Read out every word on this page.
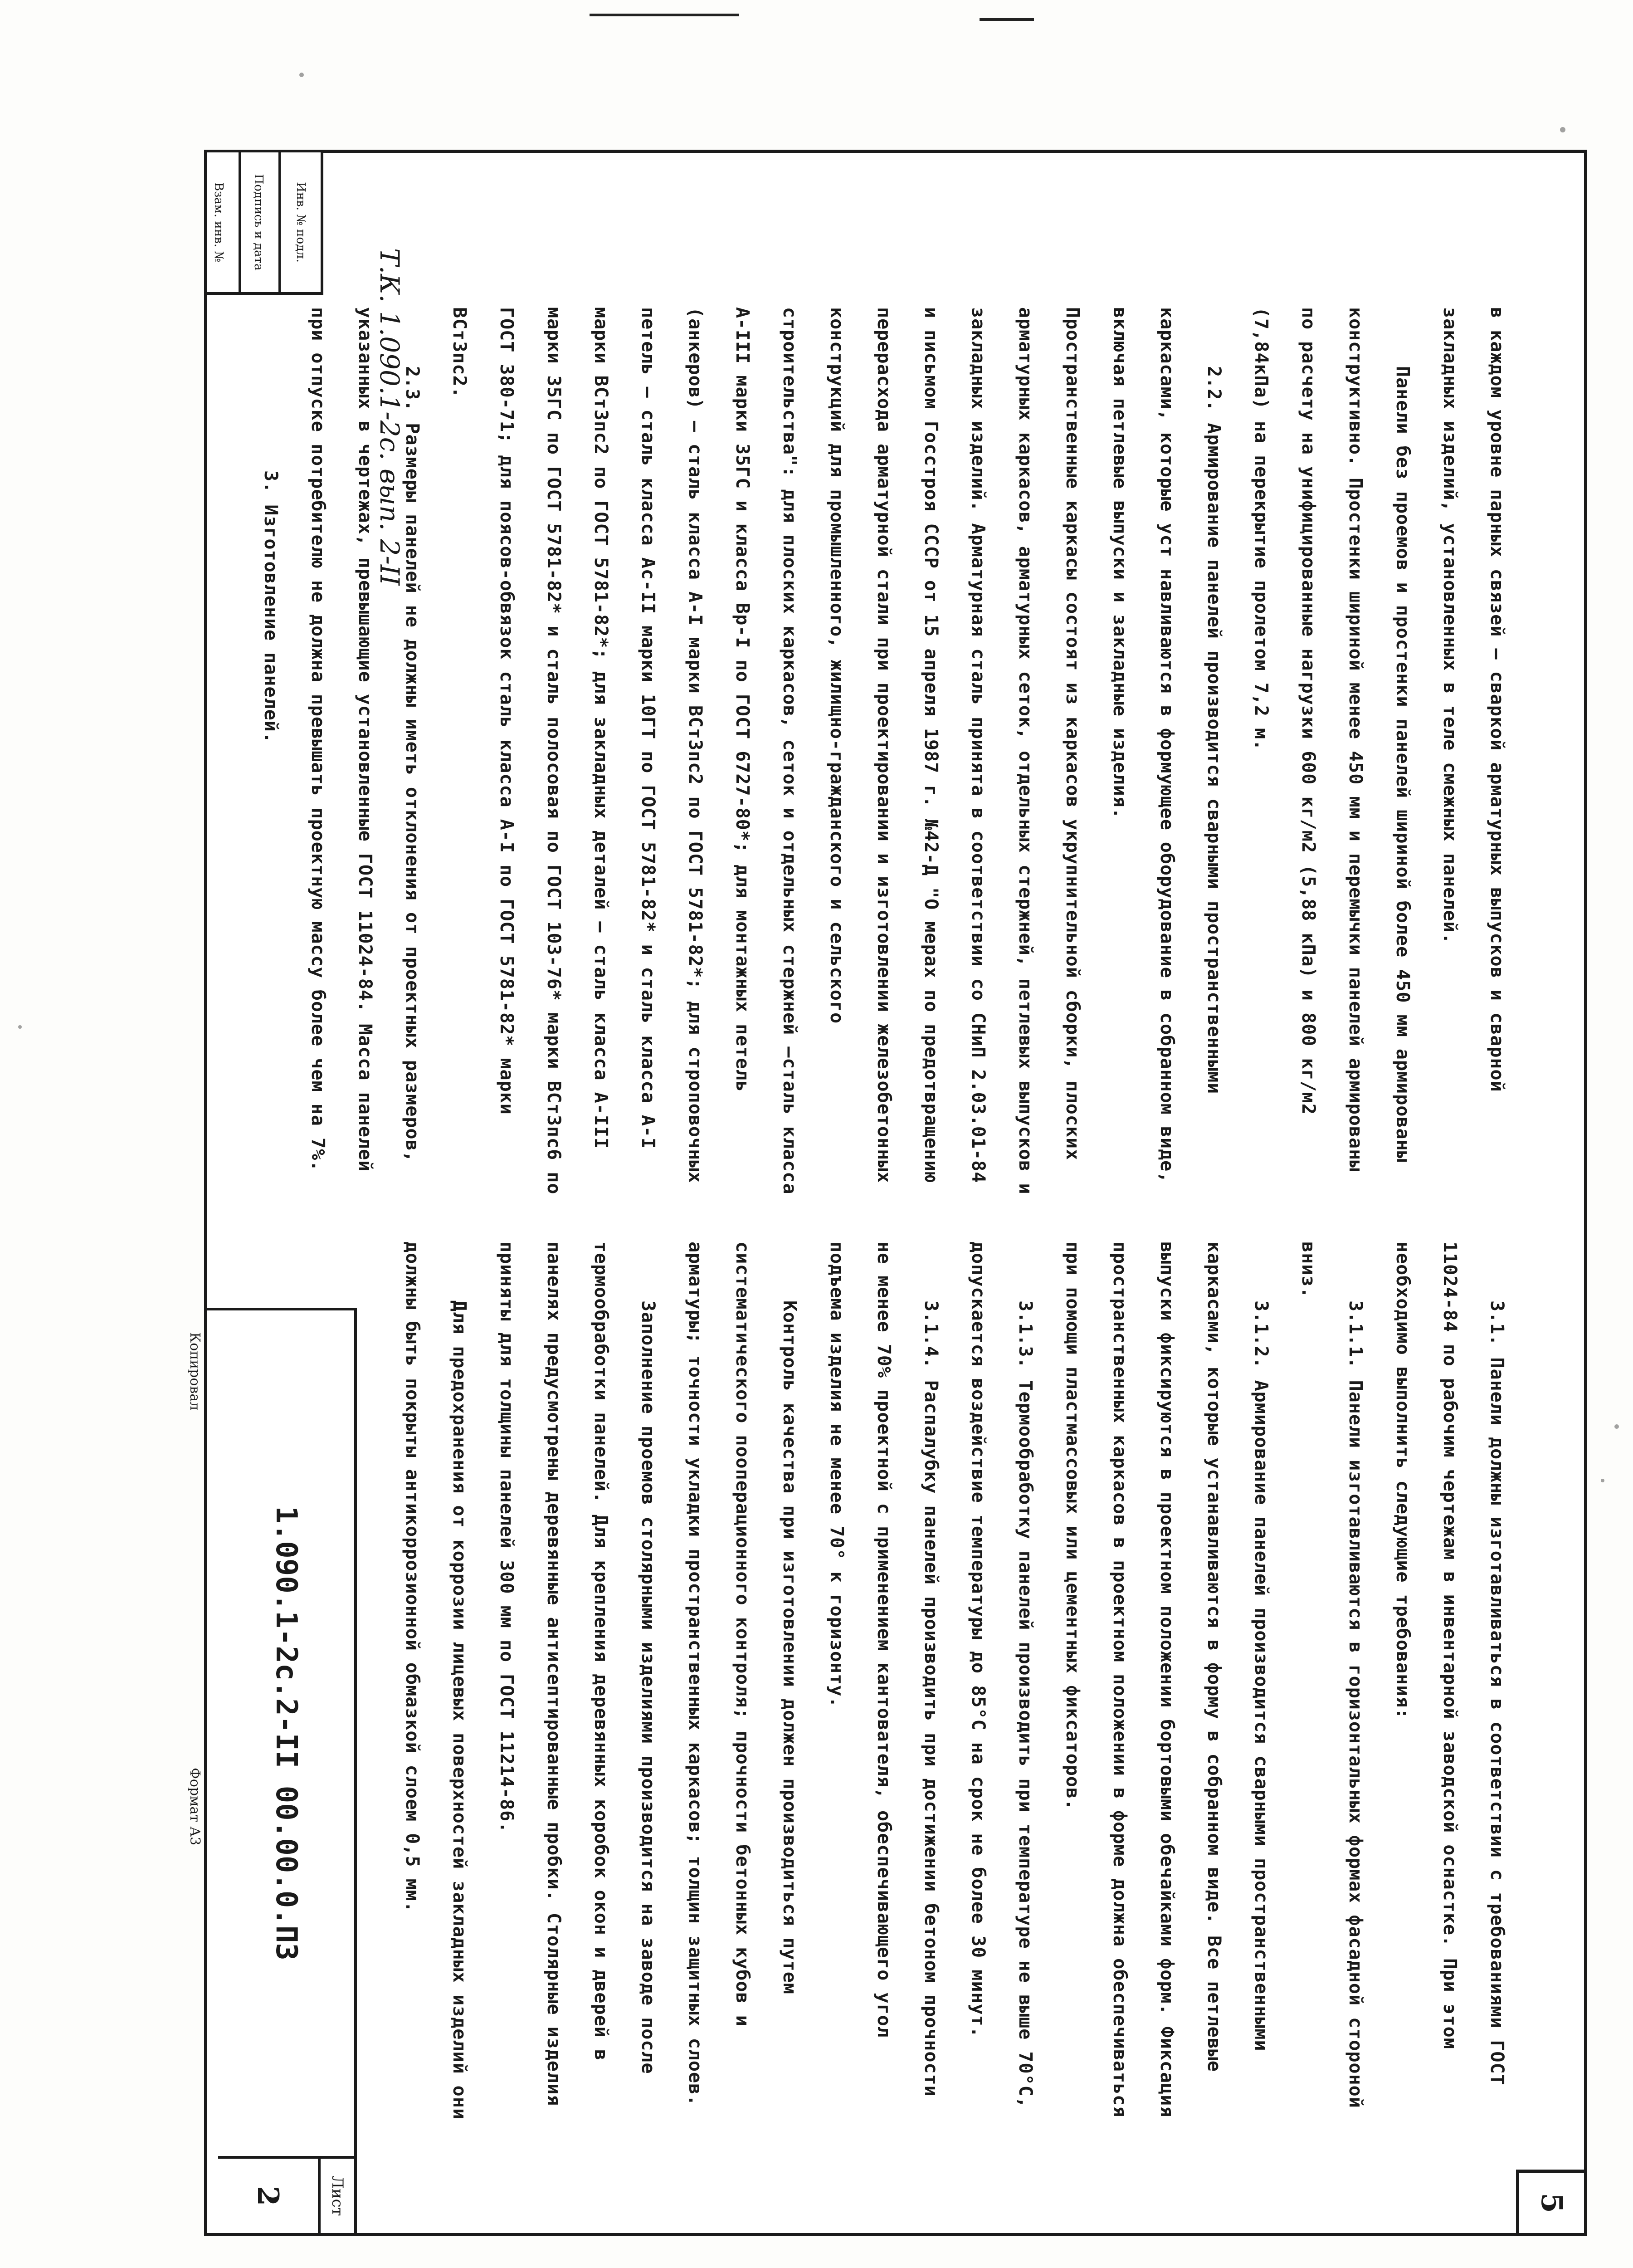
5

в каждом уровне парных связей – сваркой арматурных выпусков и сварной закладных изделий, установленных в теле смежных панелей.

Панели без проемов и простенки панелей шириной более 450 мм армированы конструктивно. Простенки шириной менее 450 мм и перемычки панелей армированы по расчету на унифицированные нагрузки 600 кг/м2 (5,88 кПа) и 800 кг/м2 (7,84кПа) на перекрытие пролетом 7,2 м.

2.2. Армирование панелей производится сварными пространственными каркасами, которые уст навливаются в формующее оборудование в собранном виде, включая петлевые выпуски и закладные изделия.

Пространственные каркасы состоят из каркасов укрупнительной сборки, плоских арматурных каркасов, арматурных сеток, отдельных стержней, петлевых выпусков и закладных изделий. Арматурная сталь принята в соответствии со СНиП 2.03.01-84 и письмом Госстроя СССР от 15 апреля 1987 г. №42-Д "О мерах по предотвращению перерасхода арматурной стали при проектировании и изготовлении железобетонных конструкций для промышленного, жилищно-гражданского и сельского строительства": для плоских каркасов, сеток и отдельных стержней –сталь класса А-III марки 35ГС и класса Вр-I по ГОСТ 6727-80*; для монтажных петель (анкеров) – сталь класса А-I марки ВСт3пс2 по ГОСТ 5781-82*; для строповочных петель – сталь класса Ас-II марки 10ГТ по ГОСТ 5781-82* и сталь класса А-I марки ВСт3пс2 по ГОСТ 5781-82*; для закладных деталей – сталь класса А-III марки 35ГС по ГОСТ 5781-82* и сталь полосовая по ГОСТ 103-76* марки ВСт3пс6 по ГОСТ 380-71; для поясов-обвязок сталь класса А-I по ГОСТ 5781-82* марки ВСт3пс2.

2.3. Размеры панелей не должны иметь отклонения от проектных размеров, указанных в чертежах, превышающие установленные ГОСТ 11024-84. Масса панелей при отпуске потребителю не должна превышать проектную массу более чем на 7%.

3. Изготовление панелей.

3.1. Панели должны изготавливаться в соответствии с требованиями ГОСТ 11024-84 по рабочим чертежам в инвентарной заводской оснастке. При этом необходимо выполнить следующие требования:

3.1.1. Панели изготавливаются в горизонтальных формах фасадной стороной вниз.

3.1.2. Армирование панелей производится сварными пространственными каркасами, которые устанавливаются в форму в собранном виде. Все петлевые выпуски фиксируются в проектном положении бортовыми обечайками форм. Фиксация пространственных каркасов в проектном положении в форме должна обеспечиваться при помощи пластмассовых или цементных фиксаторов.

3.1.3. Термообработку панелей производить при температуре не выше 70°С, допускается воздействие температуры до 85°С на срок не более 30 минут.

3.1.4. Распалубку панелей производить при достижении бетоном прочности не менее 70% проектной с применением кантователя, обеспечивающего угол подъема изделия не менее 70° к горизонту.

Контроль качества при изготовлении должен производиться путем систематического пооперационного контроля; прочности бетонных кубов и арматуры; точности укладки пространственных каркасов; толщин защитных слоев.

Заполнение проемов столярными изделиями производится на заводе после термообработки панелей. Для крепления деревянных коробок окон и дверей в панелях предусмотрены деревянные антисептированные пробки. Столярные изделия приняты для толщины панелей 300 мм по ГОСТ 11214-86.

Для предохранения от коррозии лицевых поверхностей закладных изделий они должны быть покрыты антикоррозионной обмазкой слоем 0,5 мм.

1.090.1-2с.2-II 00.00.0.ПЗ
Лист
2
Копировал
Формат А3
Инв. № подл.
Подпись и дата
Взам. инв. №
Т.К. 1.090.1-2с. вып. 2-II
